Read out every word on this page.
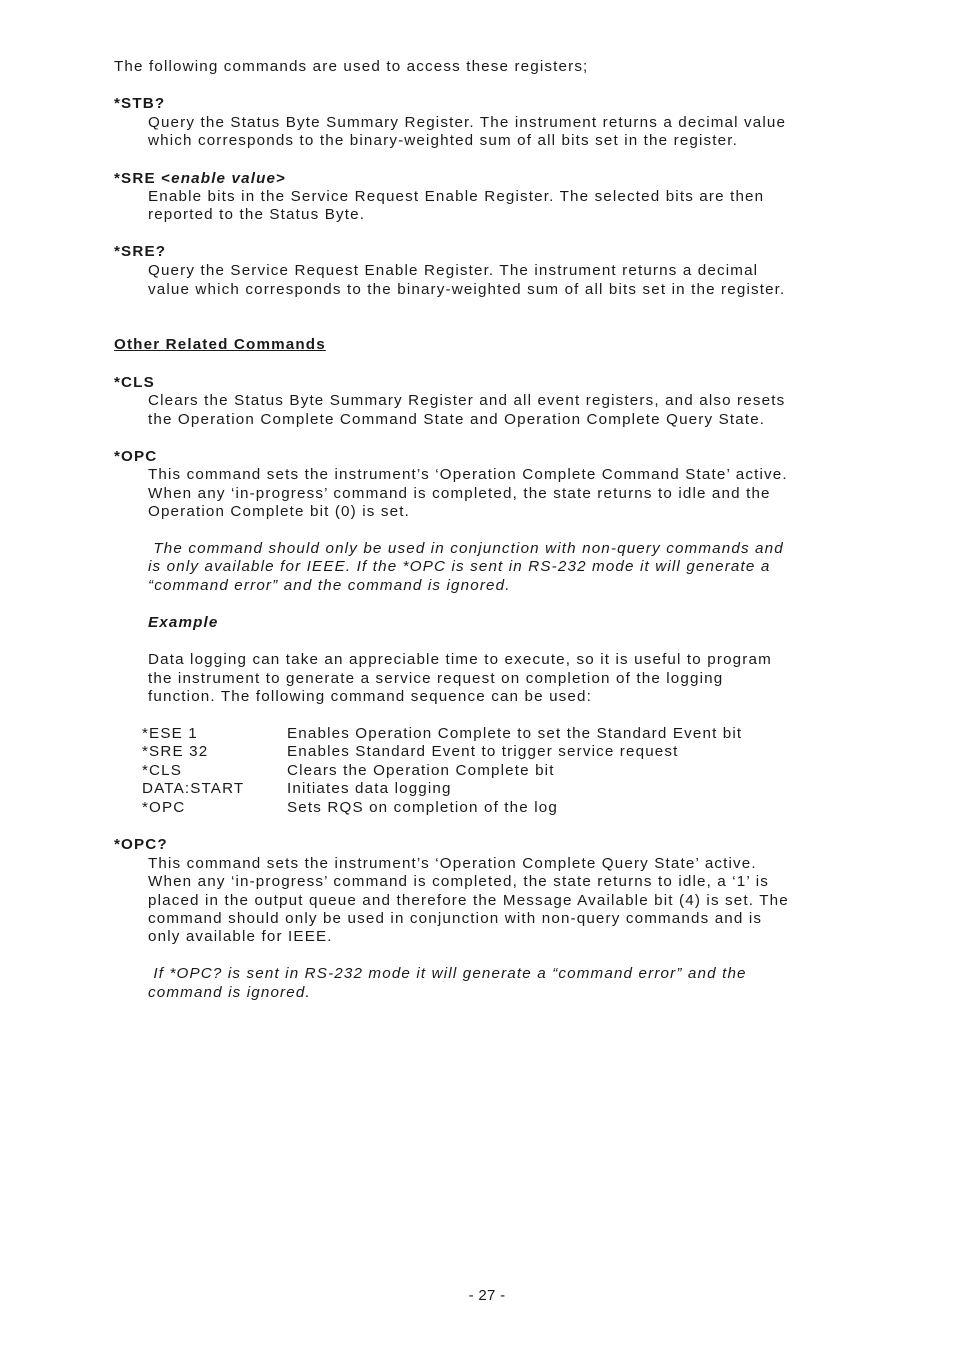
The following commands are used to access these registers;
*STB?
Query the Status Byte Summary Register. The instrument returns a decimal value
which corresponds to the binary-weighted sum of all bits set in the register.
*SRE <enable value>
Enable bits in the Service Request Enable Register. The selected bits are then
reported to the Status Byte.
*SRE?
Query the Service Request Enable Register. The instrument returns a decimal
value which corresponds to the binary-weighted sum of all bits set in the register.
Other Related Commands
*CLS
Clears the Status Byte Summary Register and all event registers, and also resets
the Operation Complete Command State and Operation Complete Query State.
*OPC
This command sets the instrument’s ‘Operation Complete Command State’ active.
When any ‘in-progress’ command is completed, the state returns to idle and the
Operation Complete bit (0) is set.
The command should only be used in conjunction with non-query commands and
is only available for IEEE. If the *OPC is sent in RS-232 mode it will generate a
“command error” and the command is ignored.
Example
Data logging can take an appreciable time to execute, so it is useful to program
the instrument to generate a service request on completion of the logging
function. The following command sequence can be used:
*ESE 1	Enables Operation Complete to set the Standard Event bit
*SRE 32	Enables Standard Event to trigger service request
*CLS	Clears the Operation Complete bit
DATA:START	Initiates data logging
*OPC	Sets RQS on completion of the log
*OPC?
This command sets the instrument’s ‘Operation Complete Query State’ active.
When any ‘in-progress’ command is completed, the state returns to idle, a ‘1’ is
placed in the output queue and therefore the Message Available bit (4) is set. The
command should only be used in conjunction with non-query commands and is
only available for IEEE.
If *OPC? is sent in RS-232 mode it will generate a “command error” and the
command is ignored.
- 27 -
